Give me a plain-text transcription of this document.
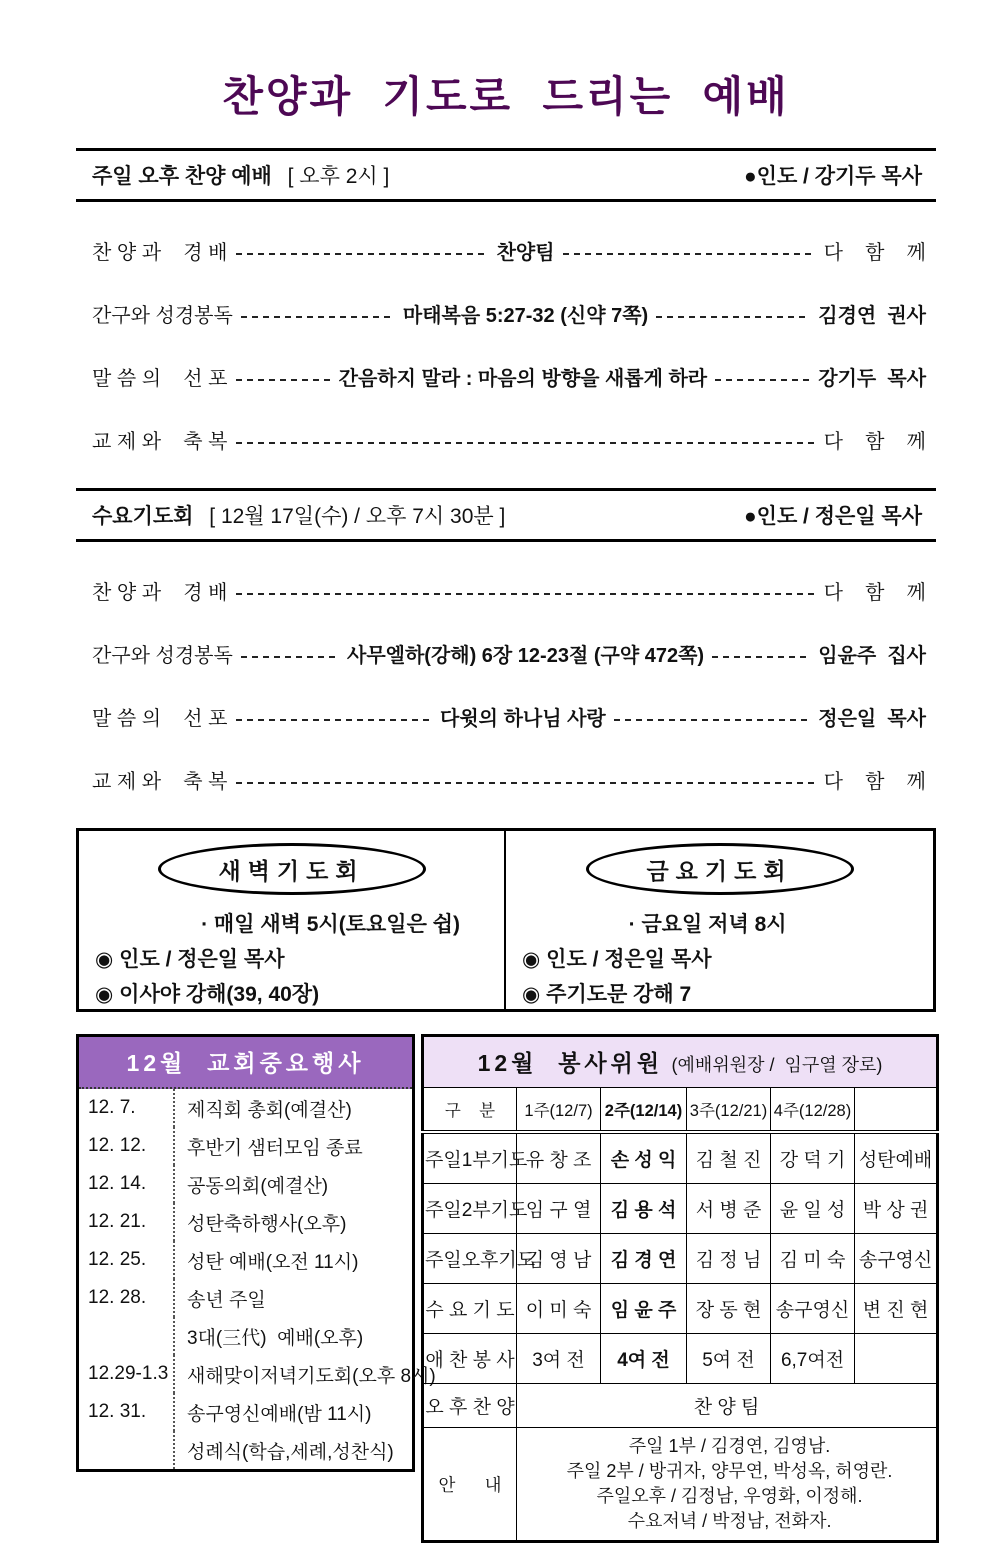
찬양과  기도로  드리는  예배
주일 오후 찬양 예배 [ 오후 2시 ]	●인도 / 강기두 목사
찬 양 과    경 배	찬양팀	다    함    께
간구와 성경봉독	마태복음 5:27-32 (신약 7쪽)	김경연  권사
말 씀 의    선 포	간음하지 말라 : 마음의 방향을 새롭게 하라	강기두  목사
교 제 와    축 복	다    함    께
수요기도회 [ 12월 17일(수) / 오후 7시 30분 ]	●인도 / 정은일 목사
찬 양 과    경 배	다    함    께
간구와 성경봉독	사무엘하(강해) 6장 12-23절 (구약 472쪽)	임윤주  집사
말 씀 의    선 포	다윗의 하나님 사랑	정은일  목사
교 제 와    축 복	다    함    께
새벽기도회
· 매일 새벽 5시(토요일은 쉽)
◉ 인도 / 정은일 목사
◉ 이사야 강해(39, 40장)
금요기도회
· 금요일 저녁 8시
◉ 인도 / 정은일 목사
◉ 주기도문 강해 7
12월  교회중요행사
12. 7.	제직회 총회(예결산)
12. 12.	후반기 샘터모임 종료
12. 14.	공동의회(예결산)
12. 21.	성탄축하행사(오후)
12. 25.	성탄 예배(오전 11시)
12. 28.	송년 주일
3대(三代)  예배(오후)
12.29-1.3 새해맞이저녁기도회(오후 8시)
12. 31.	송구영신예배(밤 11시)
성례식(학습,세례,성찬식)
12월  봉사위원 (예배위원장 /  임구열 장로)					
구    분	1주(12/7)	2주(12/14)	3주(12/21)	4주(12/28)	
주일1부기도	유 창 조	손 성 익	김 철 진	강 덕 기	성탄예배
주일2부기도	임 구 열	김 용 석	서 병 준	윤 일 성	박 상 권
주일오후기도	김 영 남	김 경 연	김 정 님	김 미 숙	송구영신
수 요 기 도	이 미 숙	임 윤 주	장 동 현	송구영신	변 진 현
애 찬 봉 사	3여 전	4여 전	5여 전	6,7여전	
오 후 찬 양	찬 양 팀				
안      내	주일 1부 / 김경연, 김영남.
주일 2부 / 방귀자, 양무연, 박성옥, 허영란.
주일오후 / 김정남, 우영화, 이정해.
수요저녁 / 박정남, 전화자.				
